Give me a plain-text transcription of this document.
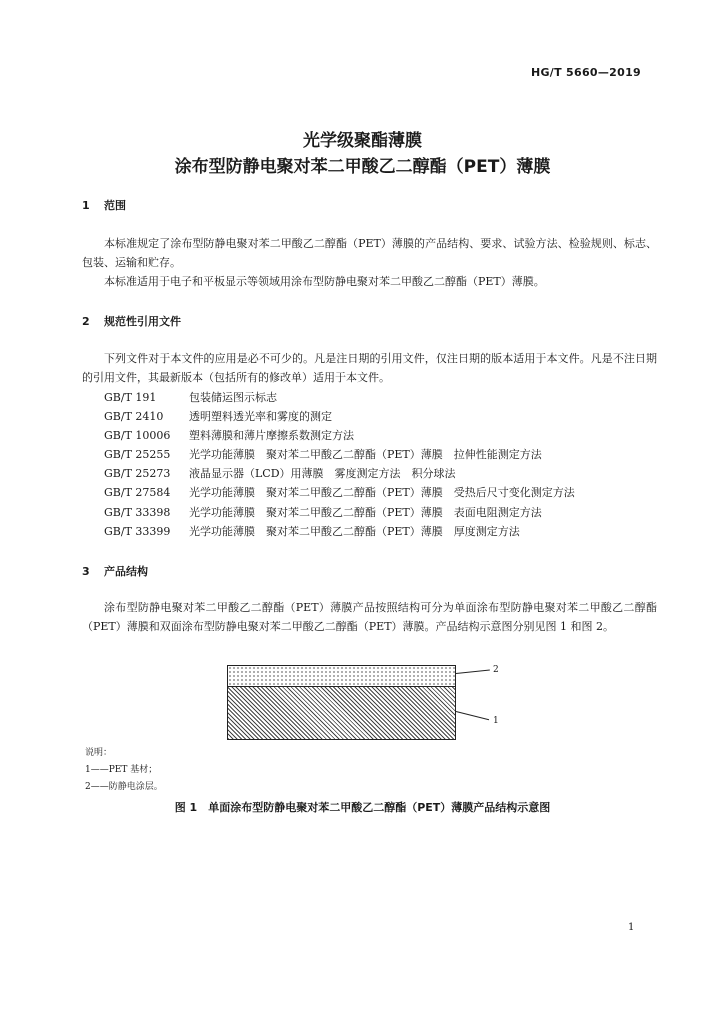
HG/T 5660—2019
光学级聚酯薄膜
涂布型防静电聚对苯二甲酸乙二醇酯（PET）薄膜
1 范围

本标准规定了涂布型防静电聚对苯二甲酸乙二醇酯（PET）薄膜的产品结构、要求、试验方法、检验规则、标志、包装、运输和贮存。

本标准适用于电子和平板显示等领域用涂布型防静电聚对苯二甲酸乙二醇酯（PET）薄膜。

2 规范性引用文件

下列文件对于本文件的应用是必不可少的。凡是注日期的引用文件，仅注日期的版本适用于本文件。凡是不注日期的引用文件，其最新版本（包括所有的修改单）适用于本文件。

GB/T 191	包装储运图示标志
GB/T 2410 透明塑料透光率和雾度的测定
GB/T 10006 塑料薄膜和薄片摩擦系数测定方法
GB/T 25255 光学功能薄膜　聚对苯二甲酸乙二醇酯（PET）薄膜　拉伸性能测定方法
GB/T 25273 液晶显示器（LCD）用薄膜　雾度测定方法　积分球法
GB/T 27584 光学功能薄膜　聚对苯二甲酸乙二醇酯（PET）薄膜　受热后尺寸变化测定方法
GB/T 33398 光学功能薄膜　聚对苯二甲酸乙二醇酯（PET）薄膜　表面电阻测定方法
GB/T 33399 光学功能薄膜　聚对苯二甲酸乙二醇酯（PET）薄膜　厚度测定方法
3 产品结构

涂布型防静电聚对苯二甲酸乙二醇酯（PET）薄膜产品按照结构可分为单面涂布型防静电聚对苯二甲酸乙二醇酯（PET）薄膜和双面涂布型防静电聚对苯二甲酸乙二醇酯（PET）薄膜。产品结构示意图分别见图 1 和图 2。

2
1
说明：
1——PET 基材；
2——防静电涂层。
图 1　单面涂布型防静电聚对苯二甲酸乙二醇酯（PET）薄膜产品结构示意图
1
